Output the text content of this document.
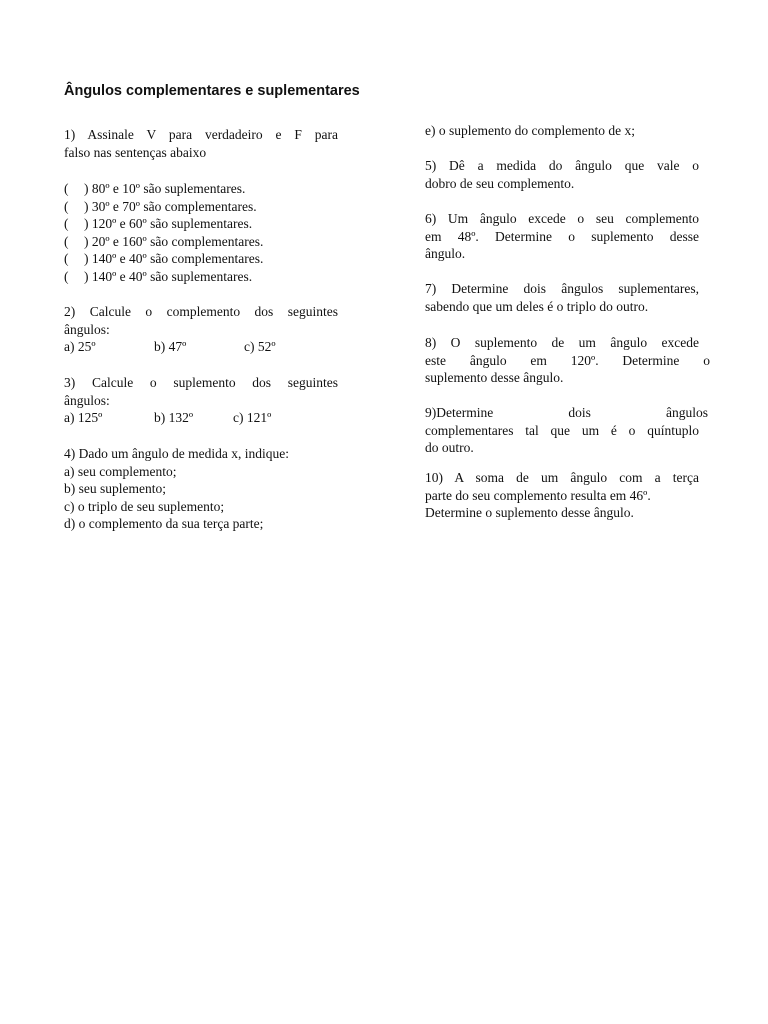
Ângulos complementares e suplementares
1) Assinale V para verdadeiro e F para
falso nas sentenças abaixo
(	) 80º e 10º são suplementares.
(	) 30º e 70º são complementares.
(	) 120º e 60º são suplementares.
(	) 20º e 160º são complementares.
(	) 140º e 40º são complementares.
(	) 140º e 40º são suplementares.
2) Calcule o complemento dos seguintes
ângulos:
a) 25º	b) 47º	c) 52º
3) Calcule o suplemento dos seguintes
ângulos:
a) 125º	b) 132º	c) 121º
4) Dado um ângulo de medida x, indique:
a) seu complemento;
b) seu suplemento;
c) o triplo de seu suplemento;
d) o complemento da sua terça parte;
e) o suplemento do complemento de x;
5) Dê a medida do ângulo que vale o
dobro de seu complemento.
6) Um ângulo excede o seu complemento
em 48º. Determine o suplemento desse
ângulo.
7) Determine dois ângulos suplementares,
sabendo que um deles é o triplo do outro.
8) O suplemento de um ângulo excede
este ângulo em 120º. Determine o
suplemento desse ângulo.
9)Determine dois ângulos
complementares tal que um é o quíntuplo
do outro.
10) A soma de um ângulo com a terça
parte do seu complemento resulta em 46º.
Determine o suplemento desse ângulo.
